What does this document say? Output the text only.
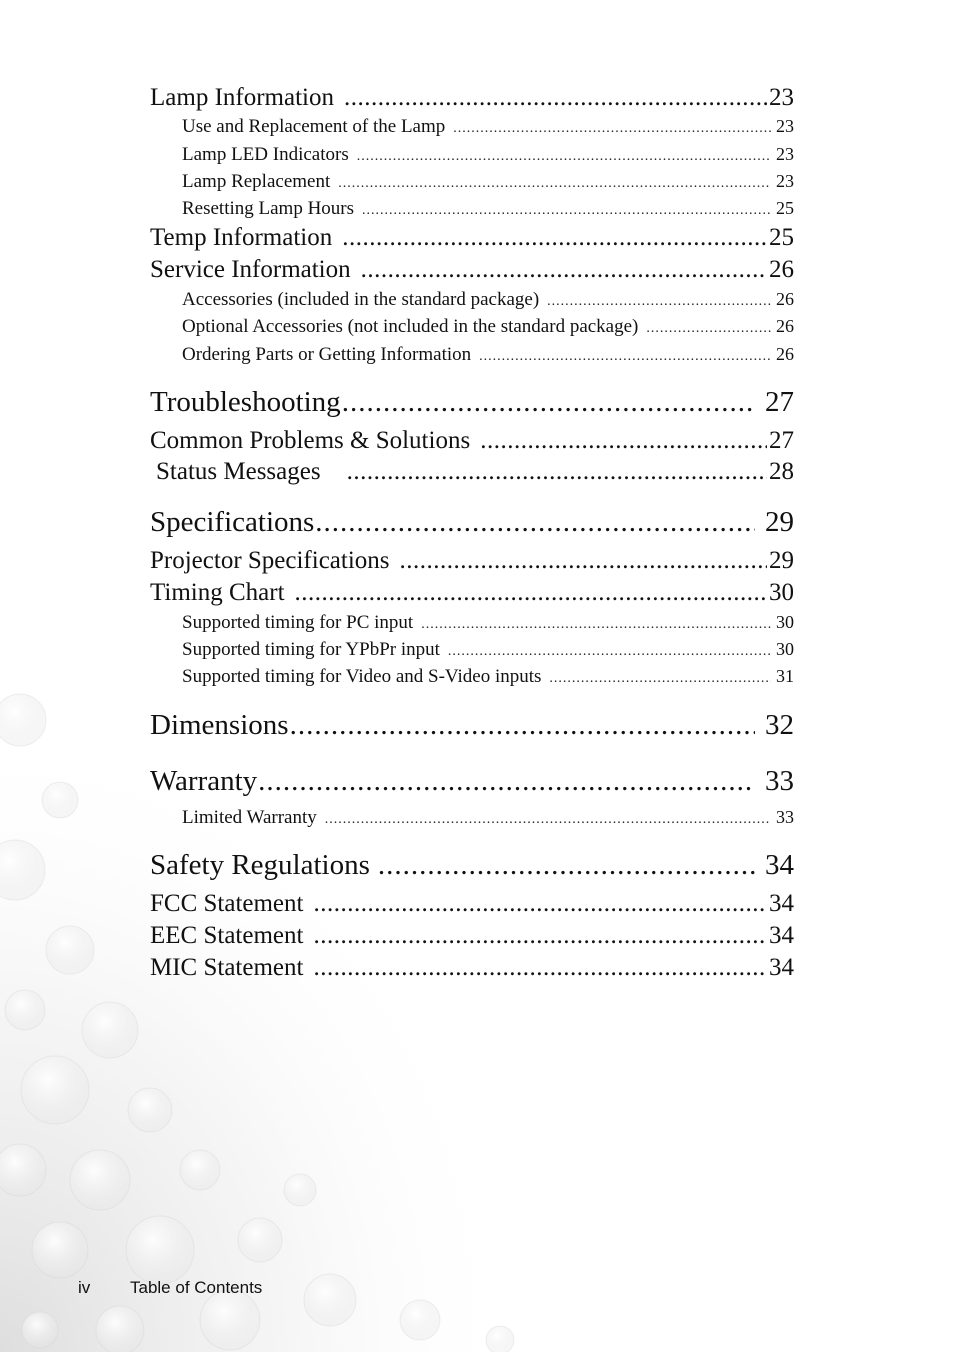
Lamp Information .....	23
Use and Replacement of the Lamp .....	23
Lamp LED Indicators .....	23
Lamp Replacement .....	23
Resetting Lamp Hours .....	25
Temp Information .....	25
Service Information .....	26
Accessories (included in the standard package) .....	26
Optional Accessories (not included in the standard package) .....	26
Ordering Parts or Getting Information .....	26
Troubleshooting .....	27
Common Problems & Solutions .....	27
Status Messages .....	28
Specifications .....	29
Projector Specifications .....	29
Timing Chart .....	30
Supported timing for PC input .....	30
Supported timing for YPbPr input .....	30
Supported timing for Video and S-Video inputs .....	31
Dimensions .....	32
Warranty .....	33
Limited Warranty .....	33
Safety Regulations .....	34
FCC Statement .....	34
EEC Statement .....	34
MIC Statement .....	34
iv Table of Contents
